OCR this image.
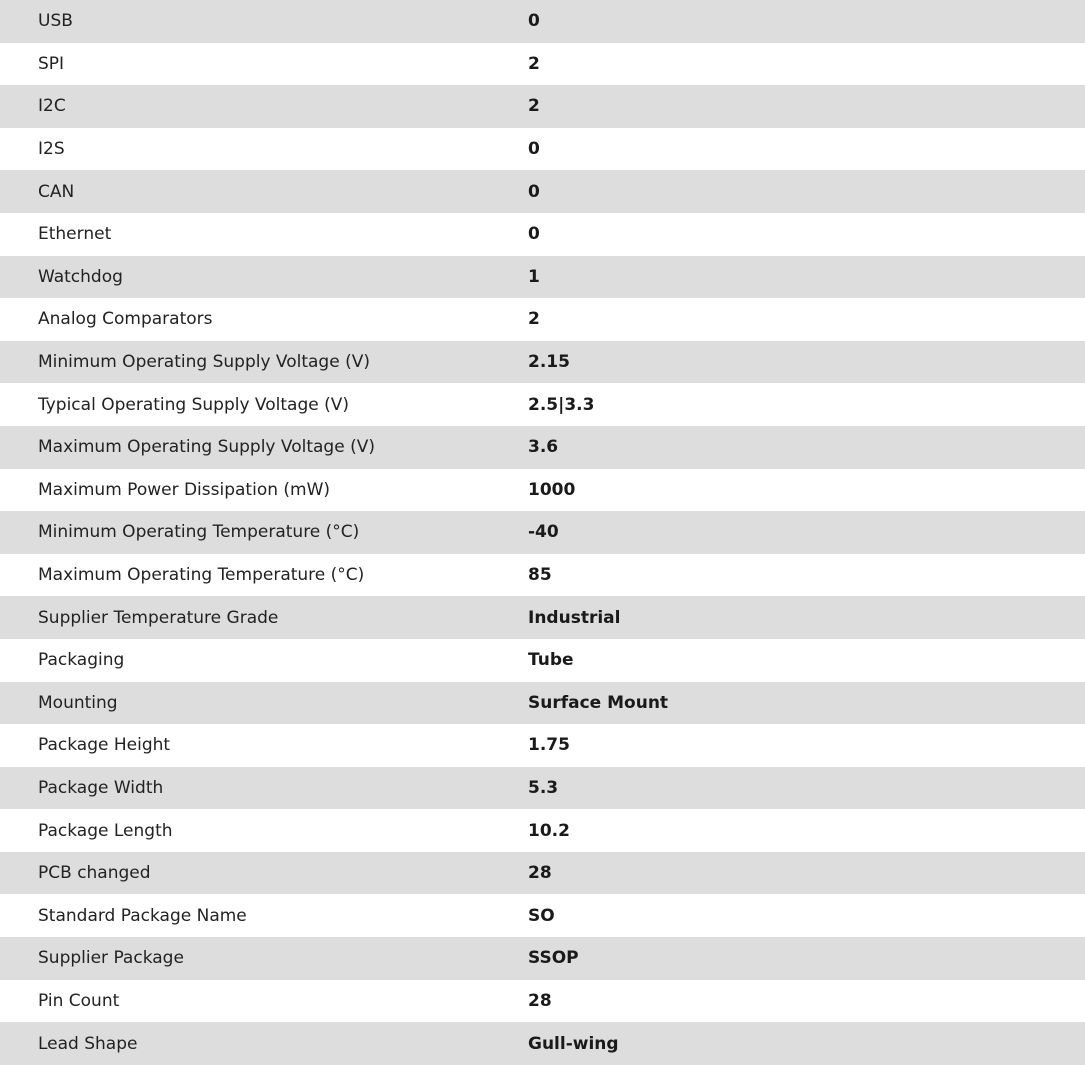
USB	0
SPI	2
I2C	2
I2S	0
CAN	0
Ethernet	0
Watchdog	1
Analog Comparators	2
Minimum Operating Supply Voltage (V)	2.15
Typical Operating Supply Voltage (V)	2.5|3.3
Maximum Operating Supply Voltage (V)	3.6
Maximum Power Dissipation (mW)	1000
Minimum Operating Temperature (°C)	-40
Maximum Operating Temperature (°C)	85
Supplier Temperature Grade	Industrial
Packaging	Tube
Mounting	Surface Mount
Package Height	1.75
Package Width	5.3
Package Length	10.2
PCB changed	28
Standard Package Name	SO
Supplier Package	SSOP
Pin Count	28
Lead Shape	Gull-wing
